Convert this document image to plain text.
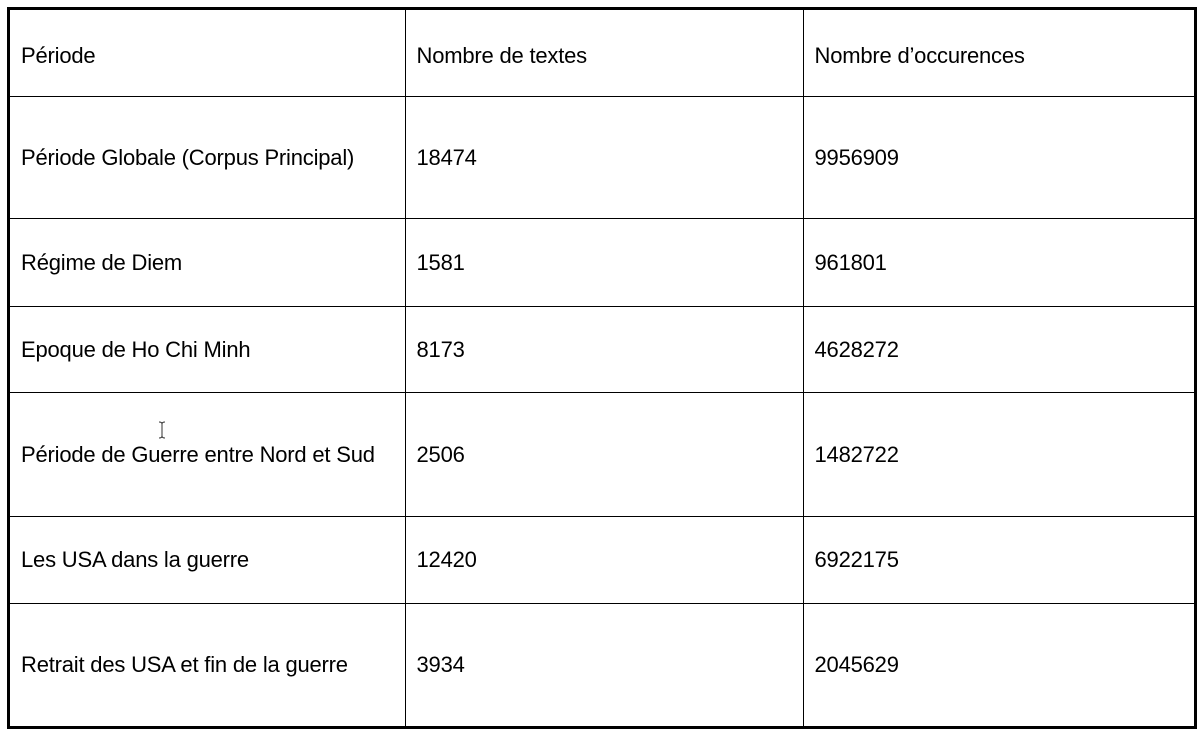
Période	Nombre de textes	Nombre d’occurences
Période Globale (Corpus Principal)	18474	9956909
Régime de Diem	1581	961801
Epoque de Ho Chi Minh	8173	4628272
Période de Guerre entre Nord et Sud	2506	1482722
Les USA dans la guerre	12420	6922175
Retrait des USA et fin de la guerre	3934	2045629
